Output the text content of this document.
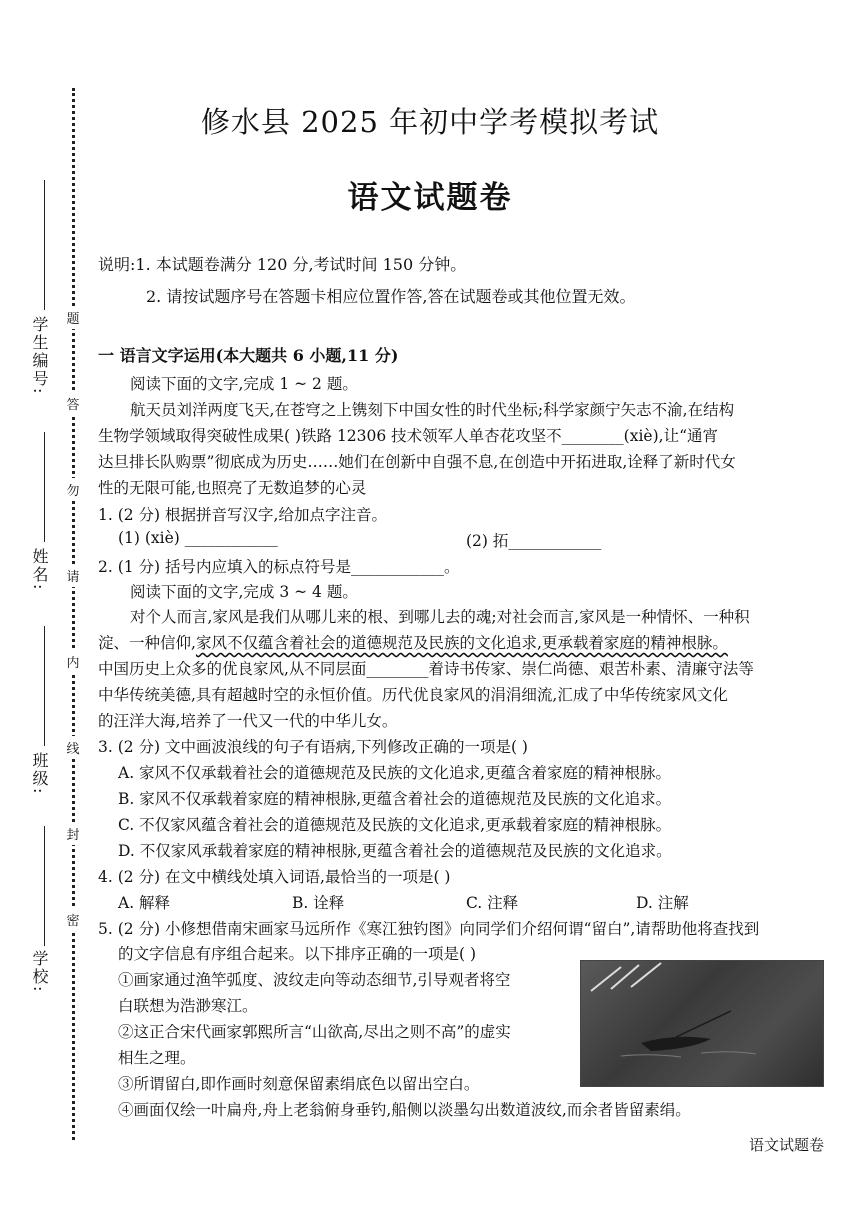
学生编号:
姓名:
班级:
学校:
题
答
勿
请
内
线
封
密
修水县 2025 年初中学考模拟考试
语文试题卷
说明:1. 本试题卷满分 120 分,考试时间 150 分钟。
2. 请按试题序号在答题卡相应位置作答,答在试题卷或其他位置无效。
一 语言文字运用(本大题共 6 小题,11 分)
阅读下面的文字,完成 1 ~ 2 题。
航天员刘洋两度飞天,在苍穹之上镌刻下中国女性的时代坐标;科学家颜宁矢志不渝,在结构
生物学领域取得突破性成果( )铁路 12306 技术领军人单杏花攻坚不________(xiè),让“通宵
达旦排长队购票”彻底成为历史……她们在创新中自强不息,在创造中开拓进取,诠释了新时代女
性的无限可能,也照亮了无数追梦的心灵
1. (2 分) 根据拼音写汉字,给加点字注音。
(1) (xiè) ____________	(2) 拓____________
2. (1 分) 括号内应填入的标点符号是____________。
阅读下面的文字,完成 3 ~ 4 题。
对个人而言,家风是我们从哪儿来的根、到哪儿去的魂;对社会而言,家风是一种情怀、一种积
淀、一种信仰,家风不仅蕴含着社会的道德规范及民族的文化追求,更承载着家庭的精神根脉。
中国历史上众多的优良家风,从不同层面________着诗书传家、崇仁尚德、艰苦朴素、清廉守法等
中华传统美德,具有超越时空的永恒价值。历代优良家风的涓涓细流,汇成了中华传统家风文化
的汪洋大海,培养了一代又一代的中华儿女。
3. (2 分) 文中画波浪线的句子有语病,下列修改正确的一项是( )
A. 家风不仅承载着社会的道德规范及民族的文化追求,更蕴含着家庭的精神根脉。
B. 家风不仅承载着家庭的精神根脉,更蕴含着社会的道德规范及民族的文化追求。
C. 不仅家风蕴含着社会的道德规范及民族的文化追求,更承载着家庭的精神根脉。
D. 不仅家风承载着家庭的精神根脉,更蕴含着社会的道德规范及民族的文化追求。
4. (2 分) 在文中横线处填入词语,最恰当的一项是( )
A. 解释	B. 诠释	C. 注释	D. 注解
5. (2 分) 小修想借南宋画家马远所作《寒江独钓图》向同学们介绍何谓“留白”,请帮助他将查找到
的文字信息有序组合起来。以下排序正确的一项是( )
①画家通过渔竿弧度、波纹走向等动态细节,引导观者将空
白联想为浩渺寒江。
②这正合宋代画家郭熙所言“山欲高,尽出之则不高”的虚实
相生之理。
③所谓留白,即作画时刻意保留素绢底色以留出空白。
④画面仅绘一叶扁舟,舟上老翁俯身垂钓,船侧以淡墨勾出数道波纹,而余者皆留素绢。
语文试题卷
